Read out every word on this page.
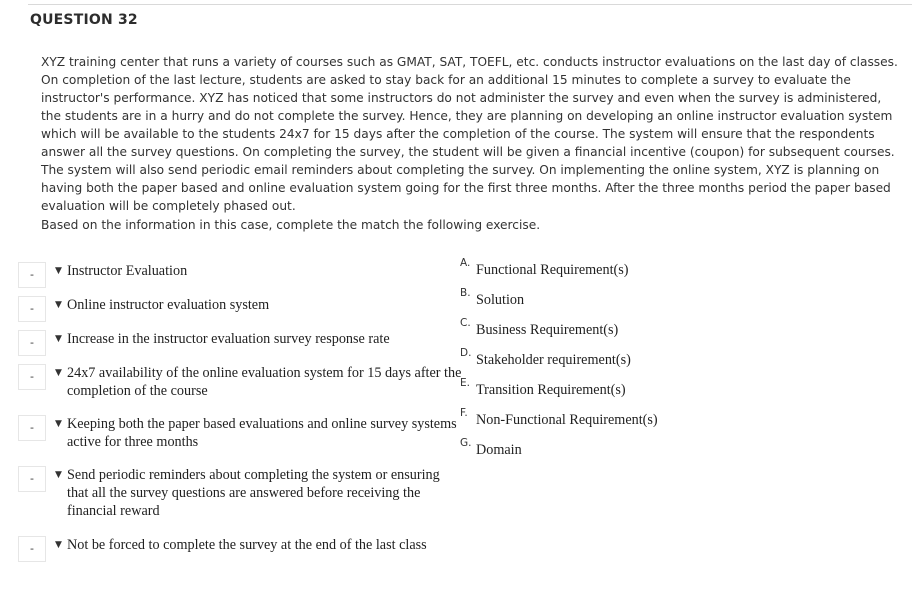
QUESTION 32
XYZ training center that runs a variety of courses such as GMAT, SAT, TOEFL, etc. conducts instructor evaluations on the last day of classes. On completion of the last lecture, students are asked to stay back for an additional 15 minutes to complete a survey to evaluate the instructor's performance. XYZ has noticed that some instructors do not administer the survey and even when the survey is administered, the students are in a hurry and do not complete the survey. Hence, they are planning on developing an online instructor evaluation system which will be available to the students 24x7 for 15 days after the completion of the course. The system will ensure that the respondents answer all the survey questions. On completing the survey, the student will be given a financial incentive (coupon) for subsequent courses. The system will also send periodic email reminders about completing the survey. On implementing the online system, XYZ is planning on having both the paper based and online evaluation system going for the first three months. After the three months period the paper based evaluation will be completely phased out.
Based on the information in this case, complete the match the following exercise.
-	▼ Instructor Evaluation
-	▼ Online instructor evaluation system
-	▼ Increase in the instructor evaluation survey response rate
-	▼ 24x7 availability of the online evaluation system for 15 days after the completion of the course
-	▼ Keeping both the paper based evaluations and online survey systems active for three months
-	▼ Send periodic reminders about completing the system or ensuring that all the survey questions are answered before receiving the financial reward
-	▼ Not be forced to complete the survey at the end of the last class
A. Functional Requirement(s)
B. Solution
C. Business Requirement(s)
D. Stakeholder requirement(s)
E. Transition Requirement(s)
F. Non-Functional Requirement(s)
G. Domain
